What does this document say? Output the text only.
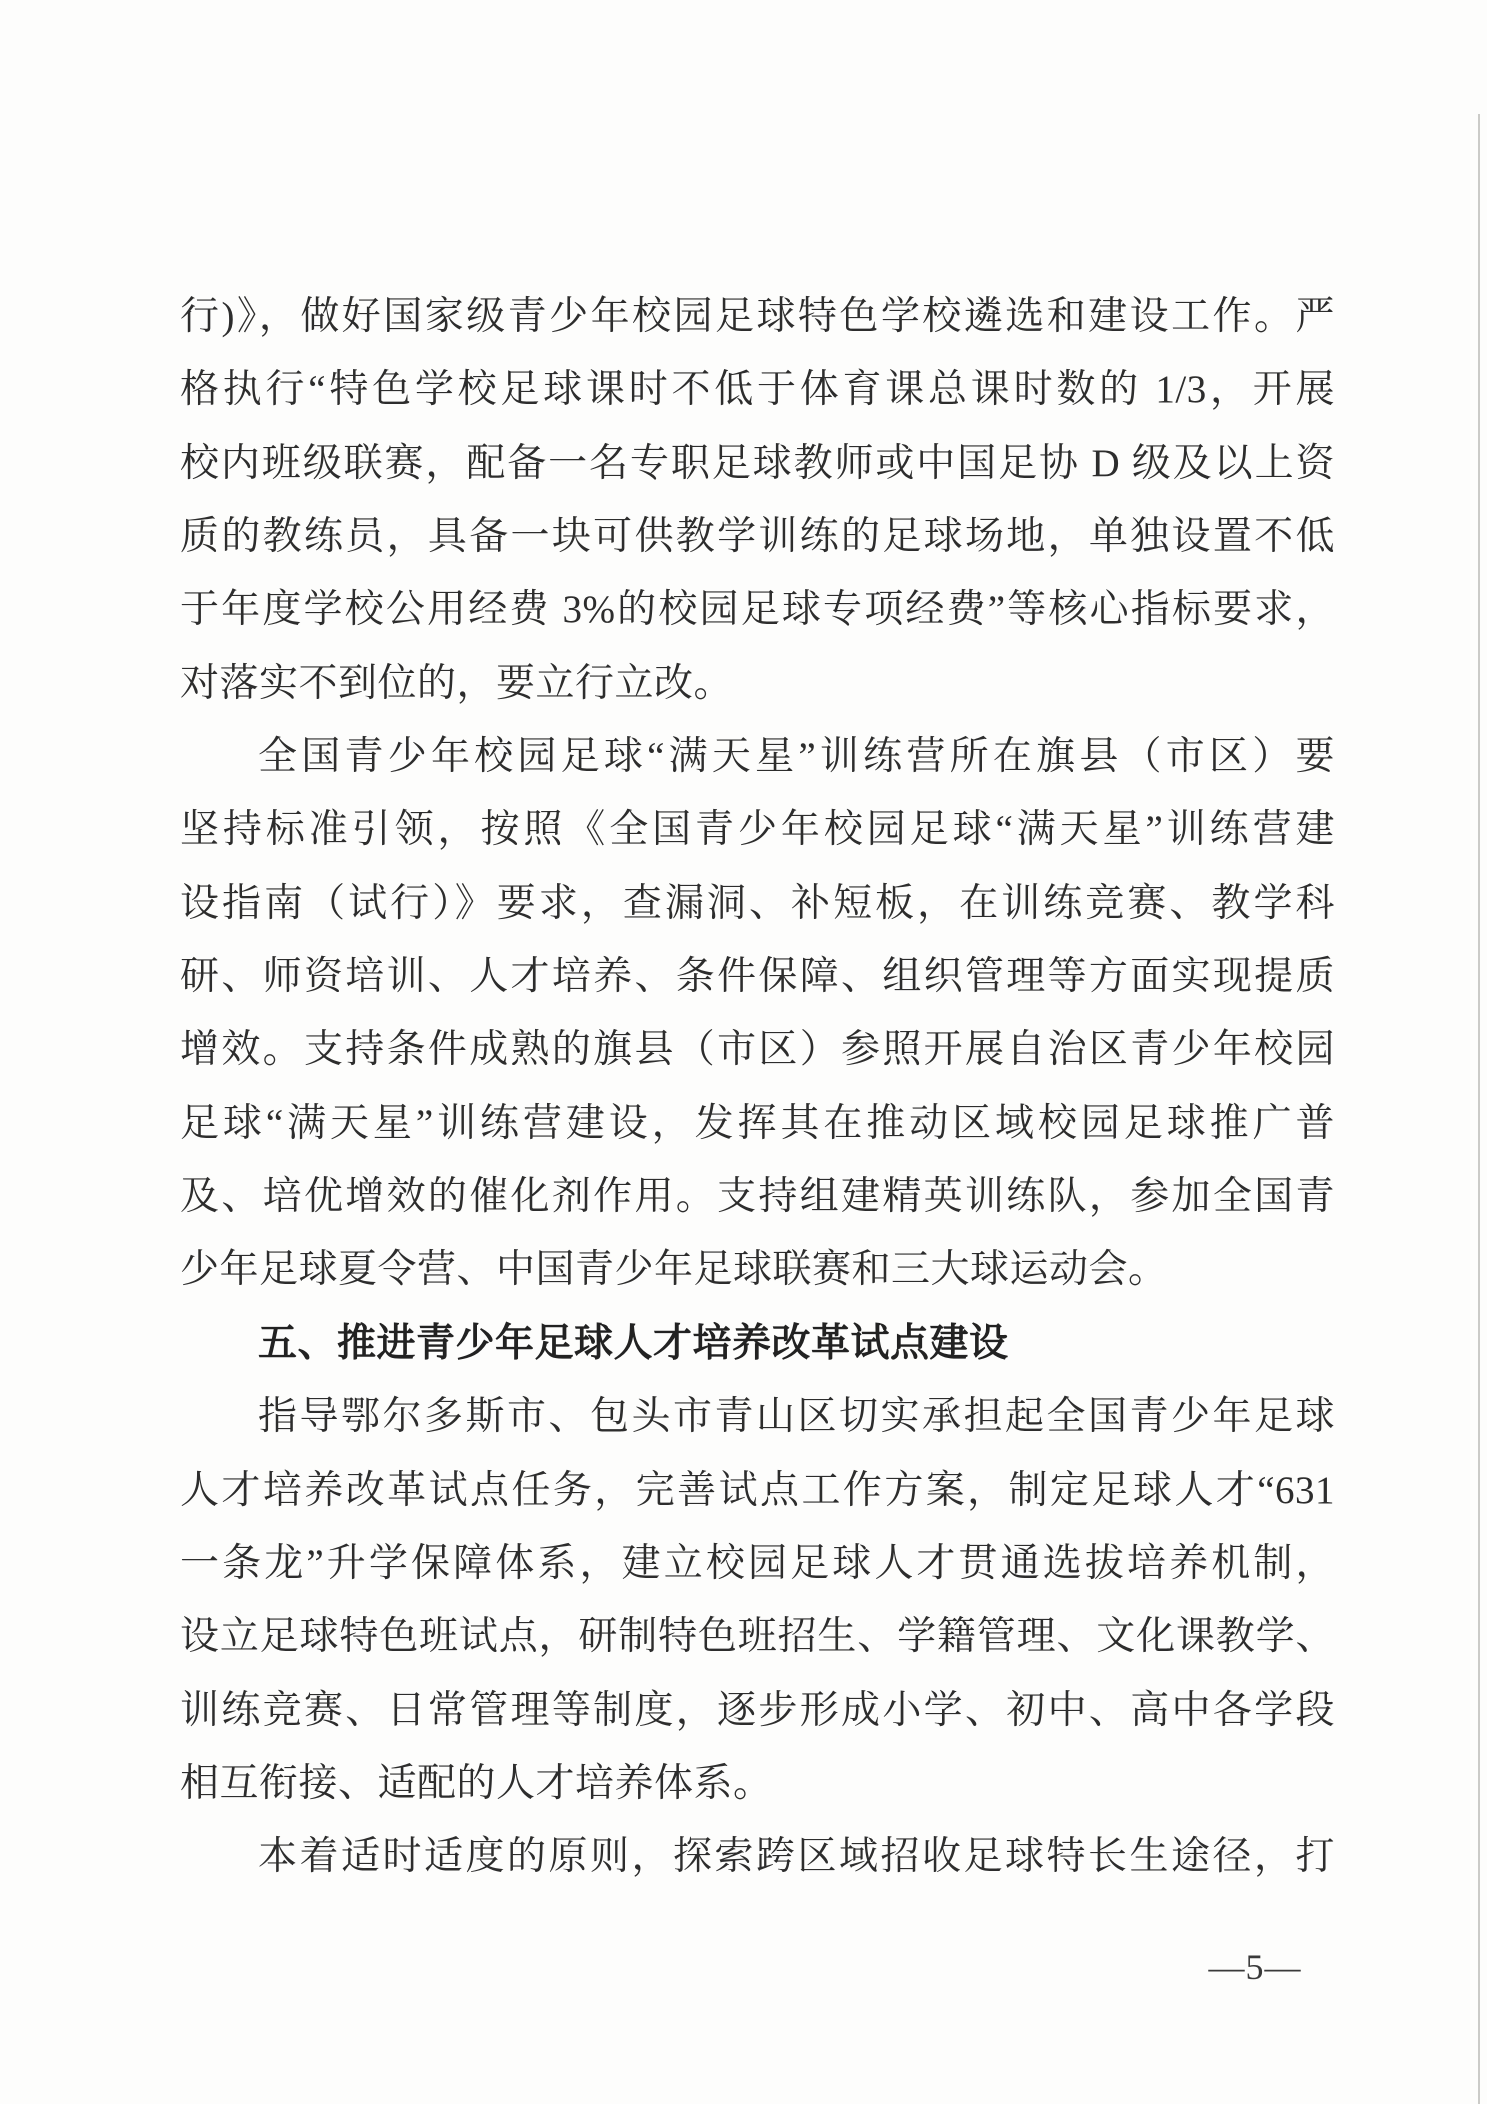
行)》，做好国家级青少年校园足球特色学校遴选和建设工作。严
格执行“特色学校足球课时不低于体育课总课时数的 1/3，开展
校内班级联赛，配备一名专职足球教师或中国足协 D 级及以上资
质的教练员，具备一块可供教学训练的足球场地，单独设置不低
于年度学校公用经费 3%的校园足球专项经费”等核心指标要求，
对落实不到位的，要立行立改。
全国青少年校园足球“满天星”训练营所在旗县（市区）要
坚持标准引领，按照《全国青少年校园足球“满天星”训练营建
设指南（试行）》要求，查漏洞、补短板，在训练竞赛、教学科
研、师资培训、人才培养、条件保障、组织管理等方面实现提质
增效。支持条件成熟的旗县（市区）参照开展自治区青少年校园
足球“满天星”训练营建设，发挥其在推动区域校园足球推广普
及、培优增效的催化剂作用。支持组建精英训练队，参加全国青
少年足球夏令营、中国青少年足球联赛和三大球运动会。
五、推进青少年足球人才培养改革试点建设
指导鄂尔多斯市、包头市青山区切实承担起全国青少年足球
人才培养改革试点任务，完善试点工作方案，制定足球人才“631
一条龙”升学保障体系，建立校园足球人才贯通选拔培养机制，
设立足球特色班试点，研制特色班招生、学籍管理、文化课教学、
训练竞赛、日常管理等制度，逐步形成小学、初中、高中各学段
相互衔接、适配的人才培养体系。
本着适时适度的原则，探索跨区域招收足球特长生途径，打
—5—
